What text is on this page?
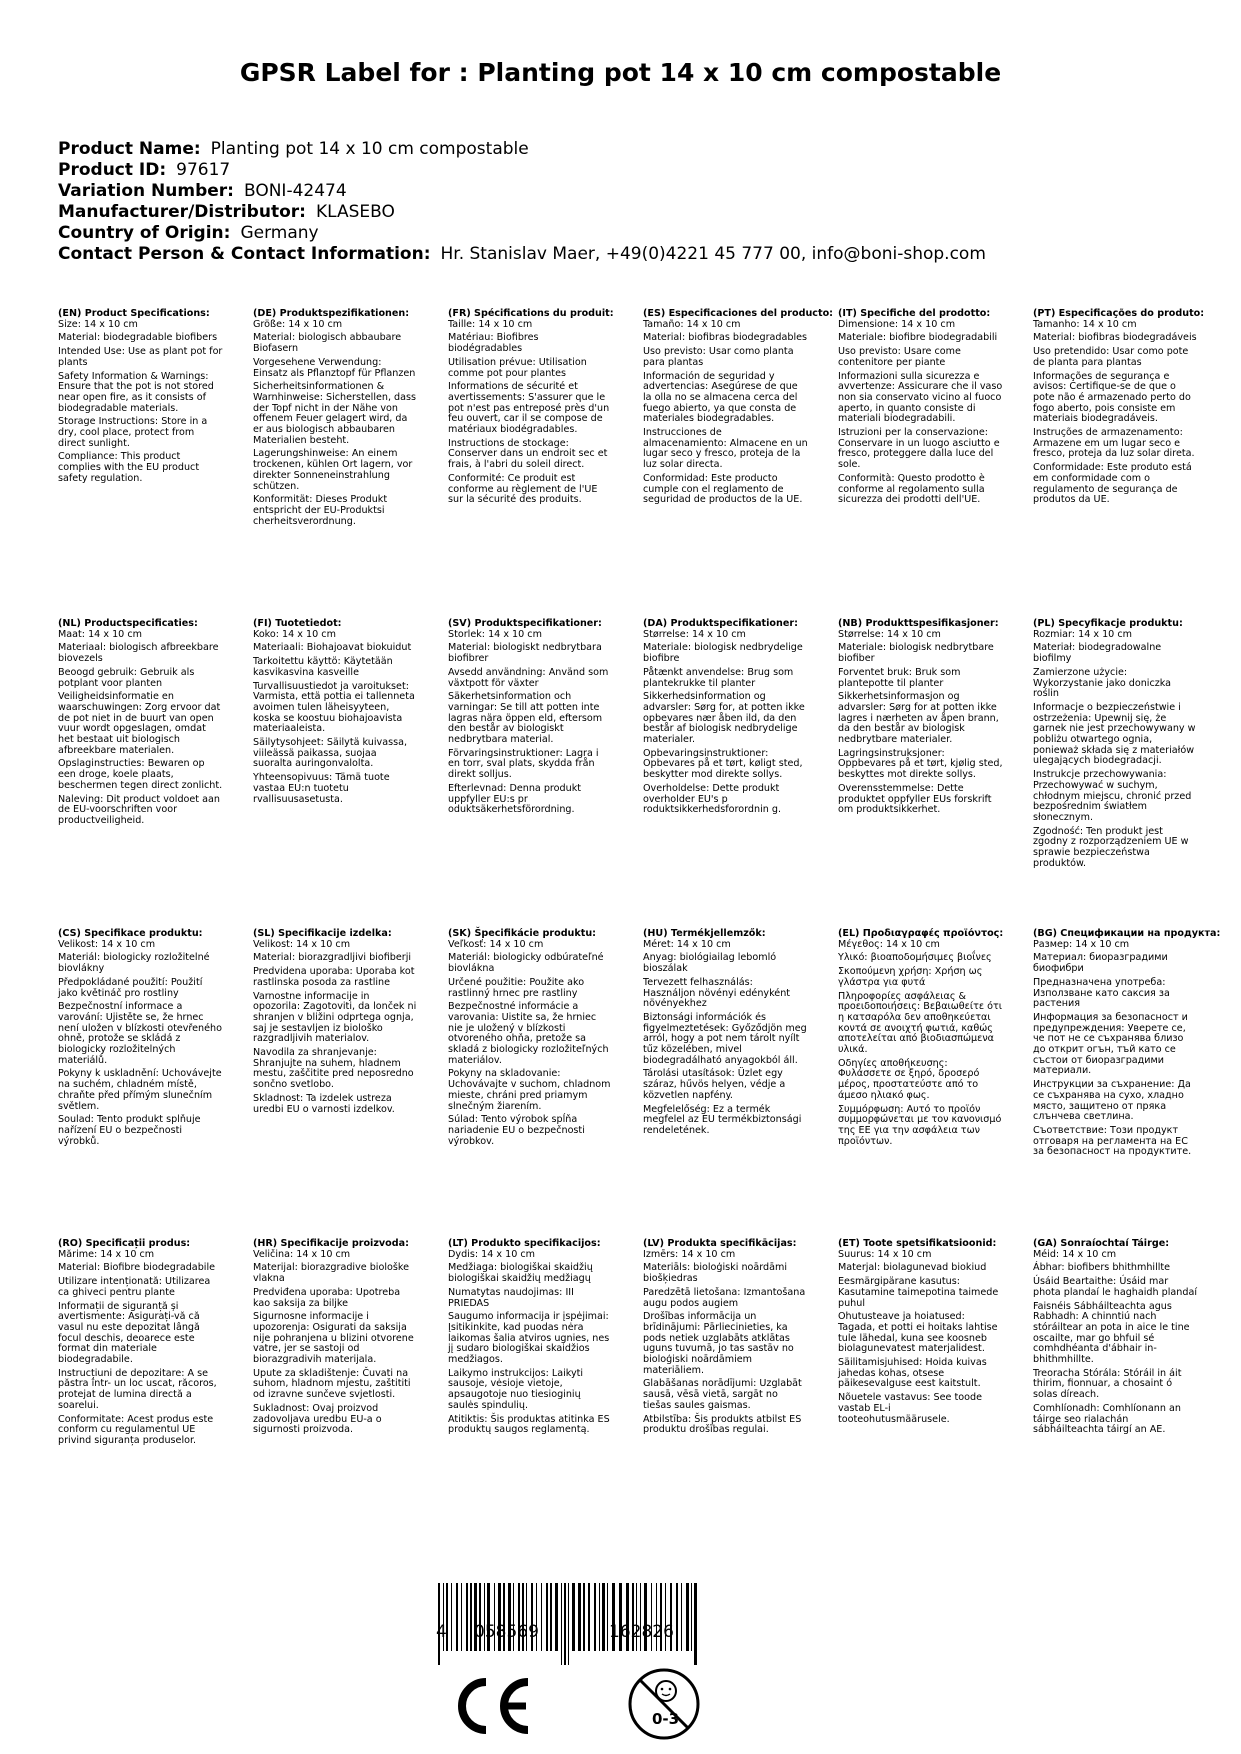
GPSR Label for : Planting pot 14 x 10 cm compostable
Product Name: Planting pot 14 x 10 cm compostable
Product ID: 97617
Variation Number: BONI-42474
Manufacturer/Distributor: KLASEBO
Country of Origin: Germany
Contact Person & Contact Information: Hr. Stanislav Maer, +49(0)4221 45 777 00, info@boni-shop.com
(EN) Product Specifications:
Size: 14 x 10 cm
Material: biodegradable biofibers
Intended Use: Use as plant pot for plants
Safety Information & Warnings: Ensure that the pot is not stored near open fire, as it consists of biodegradable materials.
Storage Instructions: Store in a dry, cool place, protect from direct sunlight.
Compliance: This product complies with the EU product safety regulation.
(DE) Produktspezifikationen:
Größe: 14 x 10 cm
Material: biologisch abbaubare Biofasern
Vorgesehene Verwendung: Einsatz als Pflanztopf für Pflanzen
Sicherheitsinformationen & Warnhinweise: Sicherstellen, dass der Topf nicht in der Nähe von offenem Feuer gelagert wird, da er aus biologisch abbaubaren Materialien besteht.
Lagerungshinweise: An einem trockenen, kühlen Ort lagern, vor direkter Sonneneinstrahlung schützen.
Konformität: Dieses Produkt entspricht der EU-Produktsi cherheitsverordnung.
(FR) Spécifications du produit:
Taille: 14 x 10 cm
Matériau: Biofibres biodégradables
Utilisation prévue: Utilisation comme pot pour plantes
Informations de sécurité et avertissements: S'assurer que le pot n'est pas entreposé près d'un feu ouvert, car il se compose de matériaux biodégradables.
Instructions de stockage: Conserver dans un endroit sec et frais, à l'abri du soleil direct.
Conformité: Ce produit est conforme au règlement de l'UE sur la sécurité des produits.
(ES) Especificaciones del producto:
Tamaño: 14 x 10 cm
Material: biofibras biodegradables
Uso previsto: Usar como planta para plantas
Información de seguridad y advertencias: Asegúrese de que la olla no se almacena cerca del fuego abierto, ya que consta de materiales biodegradables.
Instrucciones de almacenamiento: Almacene en un lugar seco y fresco, proteja de la luz solar directa.
Conformidad: Este producto cumple con el reglamento de seguridad de productos de la UE.
(IT) Specifiche del prodotto:
Dimensione: 14 x 10 cm
Materiale: biofibre biodegradabili
Uso previsto: Usare come contenitore per piante
Informazioni sulla sicurezza e avvertenze: Assicurare che il vaso non sia conservato vicino al fuoco aperto, in quanto consiste di materiali biodegradabili.
Istruzioni per la conservazione: Conservare in un luogo asciutto e fresco, proteggere dalla luce del sole.
Conformità: Questo prodotto è conforme al regolamento sulla sicurezza dei prodotti dell'UE.
(PT) Especificações do produto:
Tamanho: 14 x 10 cm
Material: biofibras biodegradáveis
Uso pretendido: Usar como pote de planta para plantas
Informações de segurança e avisos: Certifique-se de que o pote não é armazenado perto do fogo aberto, pois consiste em materiais biodegradáveis.
Instruções de armazenamento: Armazene em um lugar seco e fresco, proteja da luz solar direta.
Conformidade: Este produto está em conformidade com o regulamento de segurança de produtos da UE.
(NL) Productspecificaties:
Maat: 14 x 10 cm
Materiaal: biologisch afbreekbare biovezels
Beoogd gebruik: Gebruik als potplant voor planten
Veiligheidsinformatie en waarschuwingen: Zorg ervoor dat de pot niet in de buurt van open vuur wordt opgeslagen, omdat het bestaat uit biologisch afbreekbare materialen.
Opslaginstructies: Bewaren op een droge, koele plaats, beschermen tegen direct zonlicht.
Naleving: Dit product voldoet aan de EU-voorschriften voor productveiligheid.
(FI) Tuotetiedot:
Koko: 14 x 10 cm
Materiaali: Biohajoavat biokuidut
Tarkoitettu käyttö: Käytetään kasvikasvina kasveille
Turvallisuustiedot ja varoitukset: Varmista, että pottia ei tallenneta avoimen tulen läheisyyteen, koska se koostuu biohajoavista materiaaleista.
Säilytysohjeet: Säilytä kuivassa, viileässä paikassa, suojaa suoralta auringonvalolta.
Yhteensopivuus: Tämä tuote vastaa EU:n tuotetu rvallisuusasetusta.
(SV) Produktspecifikationer:
Storlek: 14 x 10 cm
Material: biologiskt nedbrytbara biofibrer
Avsedd användning: Använd som växtpott för växter
Säkerhetsinformation och varningar: Se till att potten inte lagras nära öppen eld, eftersom den består av biologiskt nedbrytbara material.
Förvaringsinstruktioner: Lagra i en torr, sval plats, skydda från direkt solljus.
Efterlevnad: Denna produkt uppfyller EU:s pr oduktsäkerhetsförordning.
(DA) Produktspecifikationer:
Størrelse: 14 x 10 cm
Materiale: biologisk nedbrydelige biofibre
Påtænkt anvendelse: Brug som plantekrukke til planter
Sikkerhedsinformation og advarsler: Sørg for, at potten ikke opbevares nær åben ild, da den består af biologisk nedbrydelige materialer.
Opbevaringsinstruktioner: Opbevares på et tørt, køligt sted, beskytter mod direkte sollys.
Overholdelse: Dette produkt overholder EU's p roduktsikkerhedsforordnin g.
(NB) Produkttspesifikasjoner:
Størrelse: 14 x 10 cm
Materiale: biologisk nedbrytbare biofiber
Forventet bruk: Bruk som plantepotte til planter
Sikkerhetsinformasjon og advarsler: Sørg for at potten ikke lagres i nærheten av åpen brann, da den består av biologisk nedbrytbare materialer.
Lagringsinstruksjoner: Oppbevares på et tørt, kjølig sted, beskyttes mot direkte sollys.
Overensstemmelse: Dette produktet oppfyller EUs forskrift om produktsikkerhet.
(PL) Specyfikacje produktu:
Rozmiar: 14 x 10 cm
Materiał: biodegradowalne biofilmy
Zamierzone użycie: Wykorzystanie jako doniczka roślin
Informacje o bezpieczeństwie i ostrzeżenia: Upewnij się, że garnek nie jest przechowywany w pobliżu otwartego ognia, ponieważ składa się z materiałów ulegających biodegradacji.
Instrukcje przechowywania: Przechowywać w suchym, chłodnym miejscu, chronić przed bezpośrednim światłem słonecznym.
Zgodność: Ten produkt jest zgodny z rozporządzeniem UE w sprawie bezpieczeństwa produktów.
(CS) Specifikace produktu:
Velikost: 14 x 10 cm
Materiál: biologicky rozložitelné biovlákny
Předpokládané použití: Použití jako květináč pro rostliny
Bezpečnostní informace a varování: Ujistěte se, že hrnec není uložen v blízkosti otevřeného ohně, protože se skládá z biologicky rozložitelných materiálů.
Pokyny k uskladnění: Uchovávejte na suchém, chladném místě, chraňte před přímým slunečním světlem.
Soulad: Tento produkt splňuje nařízení EU o bezpečnosti výrobků.
(SL) Specifikacije izdelka:
Velikost: 14 x 10 cm
Material: biorazgradljivi biofiberji
Predvidena uporaba: Uporaba kot rastlinska posoda za rastline
Varnostne informacije in opozorila: Zagotoviti, da lonček ni shranjen v bližini odprtega ognja, saj je sestavljen iz biološko razgradljivih materialov.
Navodila za shranjevanje: Shranjujte na suhem, hladnem mestu, zaščitite pred neposredno sončno svetlobo.
Skladnost: Ta izdelek ustreza uredbi EU o varnosti izdelkov.
(SK) Špecifikácie produktu:
Veľkosť: 14 x 10 cm
Materiál: biologicky odbúrateľné biovlákna
Určené použitie: Použite ako rastlinný hrnec pre rastliny
Bezpečnostné informácie a varovania: Uistite sa, že hrniec nie je uložený v blízkosti otvoreného ohňa, pretože sa skladá z biologicky rozložiteľných materiálov.
Pokyny na skladovanie: Uchovávajte v suchom, chladnom mieste, chráni pred priamym slnečným žiarením.
Súlad: Tento výrobok spĺňa nariadenie EU o bezpečnosti výrobkov.
(HU) Termékjellemzők:
Méret: 14 x 10 cm
Anyag: biológiailag lebomló bioszálak
Tervezett felhasználás: Használjon növényi edényként növényekhez
Biztonsági információk és figyelmeztetések: Győződjön meg arról, hogy a pot nem tárolt nyílt tűz közelében, mivel biodegradálható anyagokból áll.
Tárolási utasítások: Üzlet egy száraz, hűvös helyen, védje a közvetlen napfény.
Megfelelőség: Ez a termék megfelel az EU termékbiztonsági rendeletének.
(EL) Προδιαγραφές προϊόντος:
Μέγεθος: 14 x 10 cm
Υλικό: βιοαποδομήσιμες βιοΐνες
Σκοπούμενη χρήση: Χρήση ως γλάστρα για φυτά
Πληροφορίες ασφάλειας & προειδοποιήσεις: Βεβαιωθείτε ότι η κατσαρόλα δεν αποθηκεύεται κοντά σε ανοιχτή φωτιά, καθώς αποτελείται από βιοδιασπώμενα υλικά.
Οδηγίες αποθήκευσης: Φυλάσσετε σε ξηρό, δροσερό μέρος, προστατεύστε από το άμεσο ηλιακό φως.
Συμμόρφωση: Αυτό το προϊόν συμμορφώνεται με τον κανονισμό της ΕΕ για την ασφάλεια των προϊόντων.
(BG) Спецификации на продукта:
Размер: 14 x 10 cm
Материал: биоразградими биофибри
Предназначена употреба: Използване като саксия за растения
Информация за безопасност и предупреждения: Уверете се, че пот не се съхранява близо до открит огън, тъй като се състои от биоразградими материали.
Инструкции за съхранение: Да се съхранява на сухо, хладно място, защитено от пряка слънчева светлина.
Съответствие: Този продукт отговаря на регламента на ЕС за безопасност на продуктите.
(RO) Specificații produs:
Mărime: 14 x 10 cm
Material: Biofibre biodegradabile
Utilizare intenționată: Utilizarea ca ghiveci pentru plante
Informații de siguranță și avertismente: Asigurați-vă că vasul nu este depozitat lângă focul deschis, deoarece este format din materiale biodegradabile.
Instrucțiuni de depozitare: A se păstra într- un loc uscat, răcoros, protejat de lumina directă a soarelui.
Conformitate: Acest produs este conform cu regulamentul UE privind siguranța produselor.
(HR) Specifikacije proizvoda:
Veličina: 14 x 10 cm
Materijal: biorazgradive biološke vlakna
Predviđena uporaba: Upotreba kao saksija za biljke
Sigurnosne informacije i upozorenja: Osigurati da saksija nije pohranjena u blizini otvorene vatre, jer se sastoji od biorazgradivih materijala.
Upute za skladištenje: Čuvati na suhom, hladnom mjestu, zaštititi od izravne sunčeve svjetlosti.
Sukladnost: Ovaj proizvod zadovoljava uredbu EU-a o sigurnosti proizvoda.
(LT) Produkto specifikacijos:
Dydis: 14 x 10 cm
Medžiaga: biologiškai skaidžių biologiškai skaidžių medžiagų
Numatytas naudojimas: III PRIEDAS
Saugumo informacija ir įspėjimai: Įsitikinkite, kad puodas nėra laikomas šalia atviros ugnies, nes jį sudaro biologiškai skaidžios medžiagos.
Laikymo instrukcijos: Laikyti sausoje, vėsioje vietoje, apsaugotoje nuo tiesioginių saulės spindulių.
Atitiktis: Šis produktas atitinka ES produktų saugos reglamentą.
(LV) Produkta specifikācijas:
Izmērs: 14 x 10 cm
Materiāls: bioloģiski noārdāmi biošķiedras
Paredzētā lietošana: Izmantošana augu podos augiem
Drošības informācija un brīdinājumi: Pārliecinieties, ka pods netiek uzglabāts atklātas uguns tuvumā, jo tas sastāv no bioloģiski noārdāmiem materiāliem.
Glabāšanas norādījumi: Uzglabāt sausā, vēsā vietā, sargāt no tiešas saules gaismas.
Atbilstība: Šis produkts atbilst ES produktu drošības regulai.
(ET) Toote spetsifikatsioonid:
Suurus: 14 x 10 cm
Materjal: biolagunevad biokiud
Eesmärgipärane kasutus: Kasutamine taimepotina taimede puhul
Ohutusteave ja hoiatused: Tagada, et potti ei hoitaks lahtise tule lähedal, kuna see koosneb biolagunevatest materjalidest.
Säilitamisjuhised: Hoida kuivas jahedas kohas, otsese päikesevalguse eest kaitstult.
Nõuetele vastavus: See toode vastab EL-i tooteohutusmäärusele.
(GA) Sonraíochtaí Táirge:
Méid: 14 x 10 cm
Ábhar: biofibers bhithmhillte
Úsáid Beartaithe: Úsáid mar phota plandaí le haghaidh plandaí
Faisnéis Sábháilteachta agus Rabhadh: A chinntiú nach stóráiltear an pota in aice le tine oscailte, mar go bhfuil sé comhdhéanta d'ábhair in-bhithmhillte.
Treoracha Stórála: Stóráil in áit thirim, fionnuar, a chosaint ó solas díreach.
Comhlíonadh: Comhlíonann an táirge seo rialachán sábháilteachta táirgí an AE.
4 058569	162826
0-3
